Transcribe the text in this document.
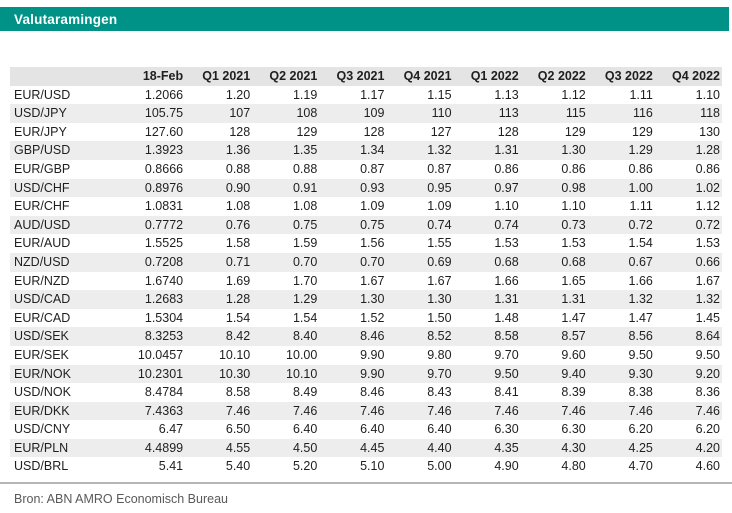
Valutaramingen
	18-Feb	Q1 2021	Q2 2021	Q3 2021	Q4 2021	Q1 2022	Q2 2022	Q3 2022	Q4 2022
EUR/USD	1.2066	1.20	1.19	1.17	1.15	1.13	1.12	1.11	1.10
USD/JPY	105.75	107	108	109	110	113	115	116	118
EUR/JPY	127.60	128	129	128	127	128	129	129	130
GBP/USD	1.3923	1.36	1.35	1.34	1.32	1.31	1.30	1.29	1.28
EUR/GBP	0.8666	0.88	0.88	0.87	0.87	0.86	0.86	0.86	0.86
USD/CHF	0.8976	0.90	0.91	0.93	0.95	0.97	0.98	1.00	1.02
EUR/CHF	1.0831	1.08	1.08	1.09	1.09	1.10	1.10	1.11	1.12
AUD/USD	0.7772	0.76	0.75	0.75	0.74	0.74	0.73	0.72	0.72
EUR/AUD	1.5525	1.58	1.59	1.56	1.55	1.53	1.53	1.54	1.53
NZD/USD	0.7208	0.71	0.70	0.70	0.69	0.68	0.68	0.67	0.66
EUR/NZD	1.6740	1.69	1.70	1.67	1.67	1.66	1.65	1.66	1.67
USD/CAD	1.2683	1.28	1.29	1.30	1.30	1.31	1.31	1.32	1.32
EUR/CAD	1.5304	1.54	1.54	1.52	1.50	1.48	1.47	1.47	1.45
USD/SEK	8.3253	8.42	8.40	8.46	8.52	8.58	8.57	8.56	8.64
EUR/SEK	10.0457	10.10	10.00	9.90	9.80	9.70	9.60	9.50	9.50
EUR/NOK	10.2301	10.30	10.10	9.90	9.70	9.50	9.40	9.30	9.20
USD/NOK	8.4784	8.58	8.49	8.46	8.43	8.41	8.39	8.38	8.36
EUR/DKK	7.4363	7.46	7.46	7.46	7.46	7.46	7.46	7.46	7.46
USD/CNY	6.47	6.50	6.40	6.40	6.40	6.30	6.30	6.20	6.20
EUR/PLN	4.4899	4.55	4.50	4.45	4.40	4.35	4.30	4.25	4.20
USD/BRL	5.41	5.40	5.20	5.10	5.00	4.90	4.80	4.70	4.60
Bron: ABN AMRO Economisch Bureau
